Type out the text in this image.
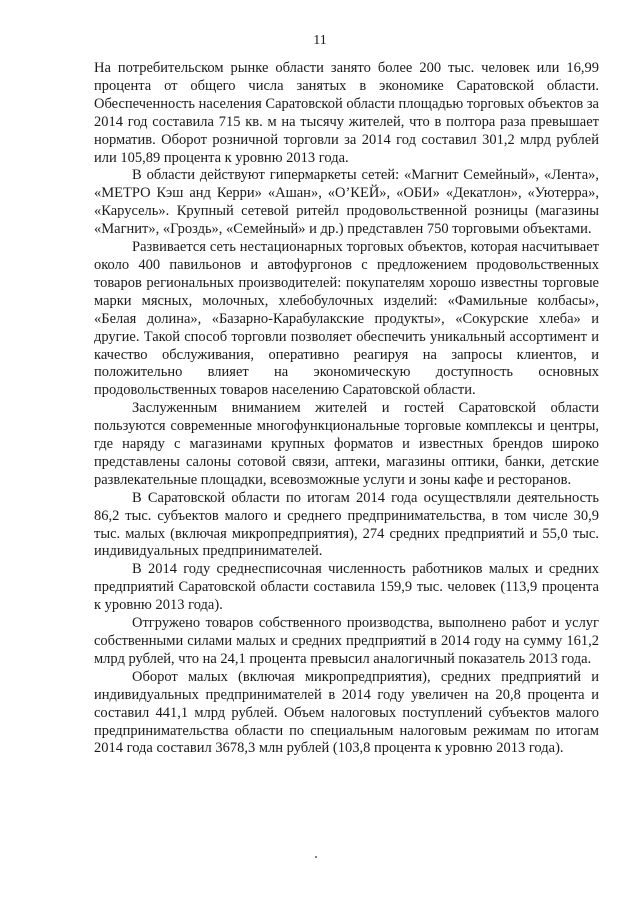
11

На потребительском рынке области занято более 200 тыс. человек или 16,99 процента от общего числа занятых в экономике Саратовской области. Обеспеченность населения Саратовской области площадью торговых объектов за 2014 год составила 715 кв. м на тысячу жителей, что в полтора раза превышает норматив. Оборот розничной торговли за 2014 год составил 301,2 млрд рублей или 105,89 процента к уровню 2013 года.

В области действуют гипермаркеты сетей: «Магнит Семейный», «Лента», «МЕТРО Кэш анд Керри» «Ашан», «О’КЕЙ», «ОБИ» «Декатлон», «Уютерра», «Карусель». Крупный сетевой ритейл продовольственной розницы (магазины «Магнит», «Гроздь», «Семейный» и др.) представлен 750 торговыми объектами.

Развивается сеть нестационарных торговых объектов, которая насчитывает около 400 павильонов и автофургонов с предложением продовольственных товаров региональных производителей: покупателям хорошо известны торговые марки мясных, молочных, хлебобулочных изделий: «Фамильные колбасы», «Белая долина», «Базарно-Карабулакские продукты», «Сокурские хлеба» и другие. Такой способ торговли позволяет обеспечить уникальный ассортимент и качество обслуживания, оперативно реагируя на запросы клиентов, и положительно влияет на экономическую доступность основных продовольственных товаров населению Саратовской области.

Заслуженным вниманием жителей и гостей Саратовской области пользуются современные многофункциональные торговые комплексы и центры, где наряду с магазинами крупных форматов и известных брендов широко представлены салоны сотовой связи, аптеки, магазины оптики, банки, детские развлекательные площадки, всевозможные услуги и зоны кафе и ресторанов.

В Саратовской области по итогам 2014 года осуществляли деятельность 86,2 тыс. субъектов малого и среднего предпринимательства, в том числе 30,9 тыс. малых (включая микропредприятия), 274 средних предприятий и 55,0 тыс. индивидуальных предпринимателей.

В 2014 году среднесписочная численность работников малых и средних предприятий Саратовской области составила 159,9 тыс. человек (113,9 процента к уровню 2013 года).

Отгружено товаров собственного производства, выполнено работ и услуг собственными силами малых и средних предприятий в 2014 году на сумму 161,2 млрд рублей, что на 24,1 процента превысил аналогичный показатель 2013 года.

Оборот малых (включая микропредприятия), средних предприятий и индивидуальных предпринимателей в 2014 году увеличен на 20,8 процента и составил 441,1 млрд рублей. Объем налоговых поступлений субъектов малого предпринимательства области по специальным налоговым режимам по итогам 2014 года составил 3678,3 млн рублей (103,8 процента к уровню 2013 года).
